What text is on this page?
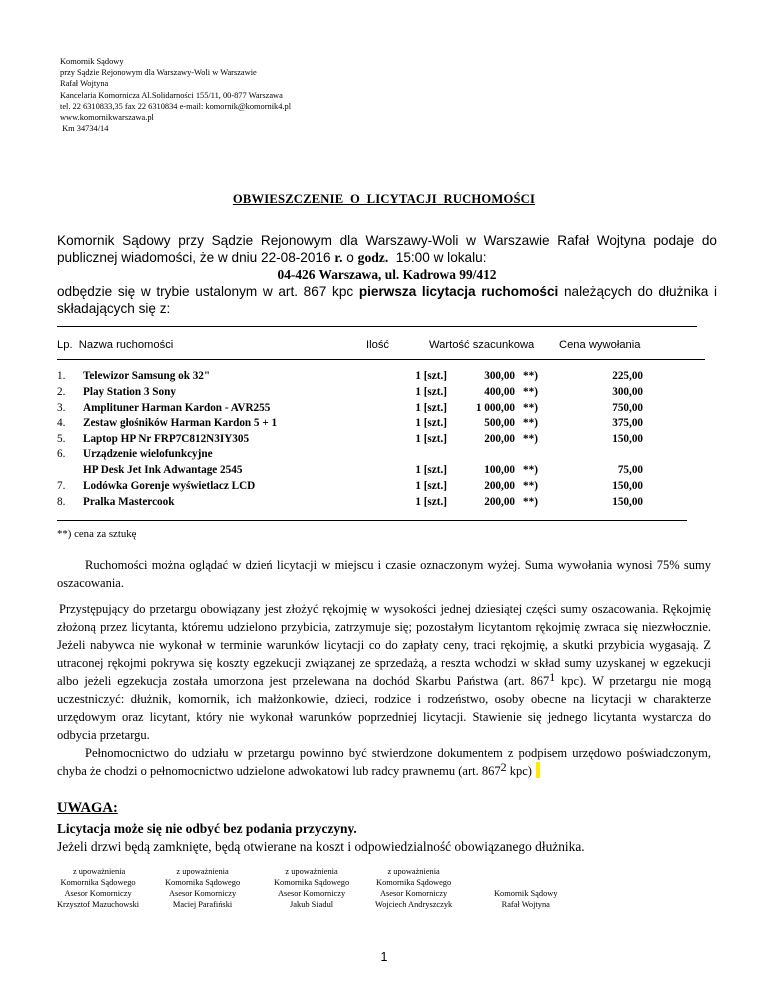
Komornik Sądowy
przy Sądzie Rejonowym dla Warszawy-Woli w Warszawie
Rafał Wojtyna
Kancelaria Komornicza Al.Solidarności 155/11, 00-877 Warszawa
tel. 22 6310833,35 fax 22 6310834 e-mail: komornik@komornik4.pl
www.komornikwarszawa.pl
Km 34734/14
OBWIESZCZENIE  O  LICYTACJI  RUCHOMOŚCI
Komornik Sądowy przy Sądzie Rejonowym dla Warszawy-Woli w Warszawie Rafał Wojtyna podaje do publicznej wiadomości, że w dniu 22-08-2016 r. o godz.  15:00 w lokalu:
04-426 Warszawa, ul. Kadrowa 99/412
odbędzie się w trybie ustalonym w art. 867 kpc pierwsza licytacja ruchomości należących do dłużnika i składających się z:
Lp.  Nazwa ruchomości	Ilość	Wartość szacunkowa Cena wywołania
1. Telewizor Samsung ok 32"	1 [szt.]	300,00 **)	225,00
2. Play Station 3 Sony	1 [szt.]	400,00 **)	300,00
3. Amplituner Harman Kardon - AVR255	1 [szt.]	1 000,00 **)	750,00
4. Zestaw głośników Harman Kardon 5 + 1	1 [szt.]	500,00 **)	375,00
5. Laptop HP Nr FRP7C812N3IY305	1 [szt.]	200,00 **)	150,00
6. Urządzenie wielofunkcyjne
HP Desk Jet Ink Adwantage 2545	1 [szt.]	100,00 **)	75,00
7. Lodówka Gorenje wyświetlacz LCD	1 [szt.]	200,00 **)	150,00
8. Pralka Mastercook	1 [szt.]	200,00 **)	150,00
**) cena za sztukę

Ruchomości można oglądać w dzień licytacji w miejscu i czasie oznaczonym wyżej. Suma wywołania wynosi 75% sumy oszacowania.

Przystępujący do przetargu obowiązany jest złożyć rękojmię w wysokości jednej dziesiątej części sumy oszacowania. Rękojmię złożoną przez licytanta, któremu udzielono przybicia, zatrzymuje się; pozostałym licytantom rękojmię zwraca się niezwłocznie. Jeżeli nabywca nie wykonał w terminie warunków licytacji co do zapłaty ceny, traci rękojmię, a skutki przybicia wygasają. Z utraconej rękojmi pokrywa się koszty egzekucji związanej ze sprzedażą, a reszta wchodzi w skład sumy uzyskanej w egzekucji albo jeżeli egzekucja została umorzona jest przelewana na dochód Skarbu Państwa (art. $867^1$ kpc). W przetargu nie mogą uczestniczyć: dłużnik, komornik, ich małżonkowie, dzieci, rodzice i rodzeństwo, osoby obecne na licytacji w charakterze urzędowym oraz licytant, który nie wykonał warunków poprzedniej licytacji. Stawienie się jednego licytanta wystarcza do odbycia przetargu.

Pełnomocnictwo do udziału w przetargu powinno być stwierdzone dokumentem z podpisem urzędowo poświadczonym, chyba że chodzi o pełnomocnictwo udzielone adwokatowi lub radcy prawnemu (art. $867^2$ kpc)

UWAGA:
Licytacja może się nie odbyć bez podania przyczyny.
Jeżeli drzwi będą zamknięte, będą otwierane na koszt i odpowiedzialność obowiązanego dłużnika.
z upoważnienia
Komornika Sądowego
Asesor Komorniczy
Krzysztof Mazuchowski
z upoważnienia
Komornika Sądowego
Asesor Komorniczy
Maciej Parafiński
z upoważnienia
Komornika Sądowego
Asesor Komorniczy
Jakub Siadul
z upoważnienia
Komornika Sądowego
Asesor Komorniczy
Wojciech Andryszczyk
Komornik Sądowy
Rafał Wojtyna
1
